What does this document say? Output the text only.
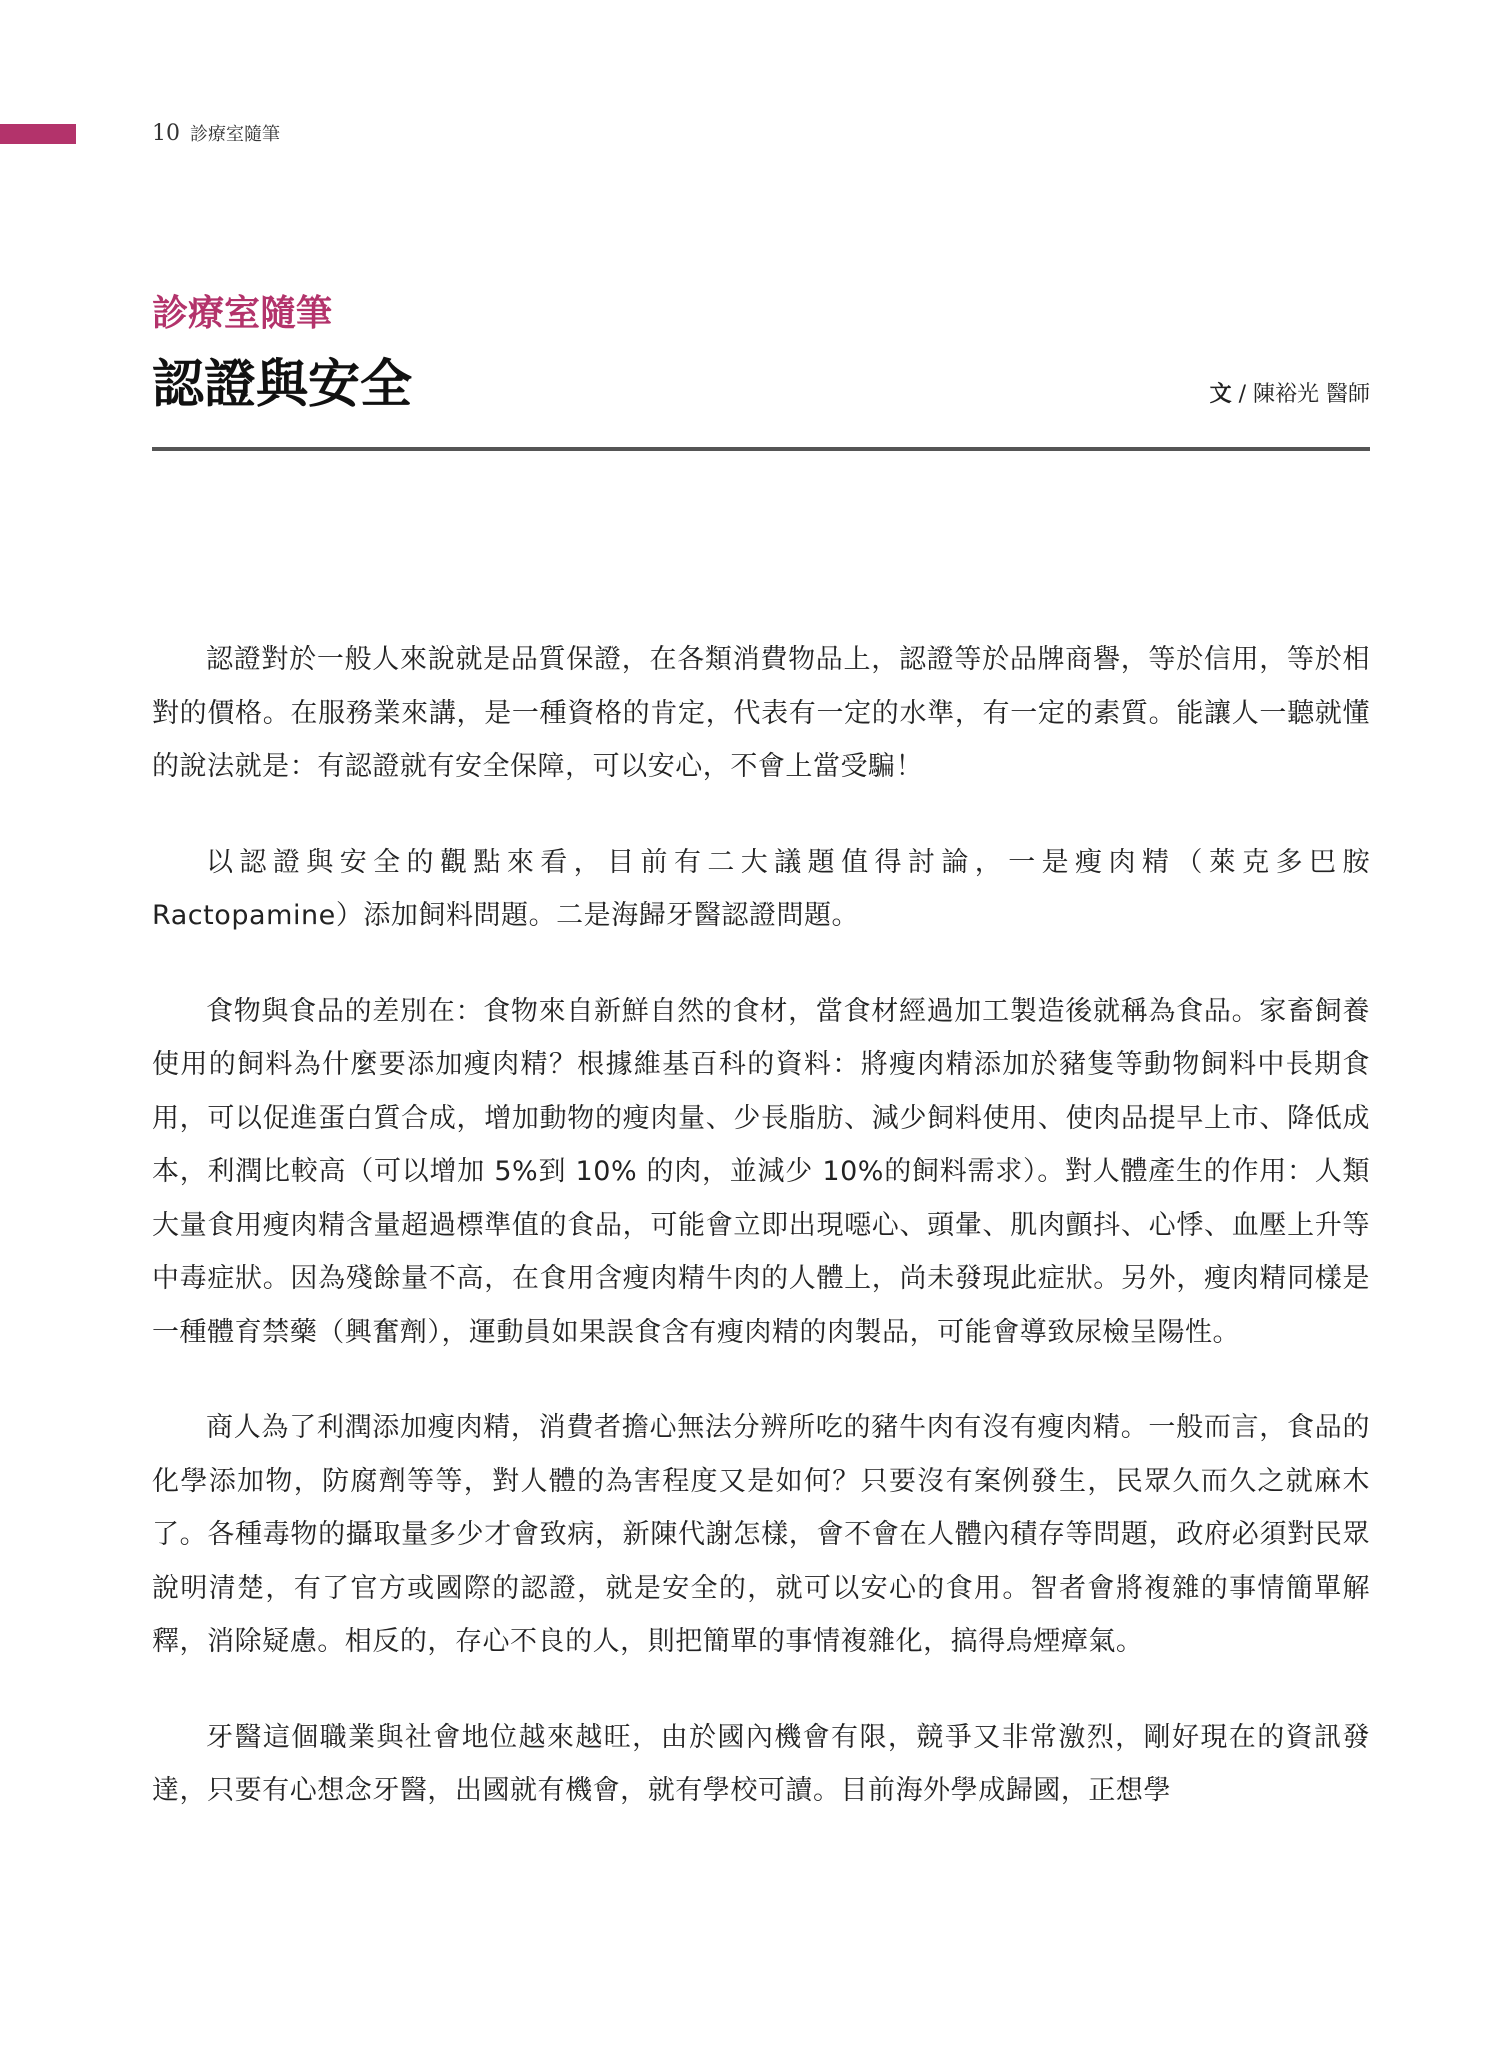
10 診療室隨筆
診療室隨筆
認證與安全	文 / 陳裕光 醫師

認證對於一般人來說就是品質保證，在各類消費物品上，認證等於品牌商譽，等於信用，等於相對的價格。在服務業來講，是一種資格的肯定，代表有一定的水準，有一定的素質。能讓人一聽就懂的說法就是：有認證就有安全保障，可以安心，不會上當受騙！

以認證與安全的觀點來看，目前有二大議題值得討論，一是瘦肉精（萊克多巴胺 Ractopamine）添加飼料問題。二是海歸牙醫認證問題。

食物與食品的差別在：食物來自新鮮自然的食材，當食材經過加工製造後就稱為食品。家畜飼養使用的飼料為什麼要添加瘦肉精？根據維基百科的資料：將瘦肉精添加於豬隻等動物飼料中長期食用，可以促進蛋白質合成，增加動物的瘦肉量、少長脂肪、減少飼料使用、使肉品提早上市、降低成本，利潤比較高（可以增加 5%到 10% 的肉，並減少 10%的飼料需求）。對人體產生的作用：人類大量食用瘦肉精含量超過標準值的食品，可能會立即出現噁心、頭暈、肌肉顫抖、心悸、血壓上升等中毒症狀。因為殘餘量不高，在食用含瘦肉精牛肉的人體上，尚未發現此症狀。另外，瘦肉精同樣是一種體育禁藥（興奮劑），運動員如果誤食含有瘦肉精的肉製品，可能會導致尿檢呈陽性。

商人為了利潤添加瘦肉精，消費者擔心無法分辨所吃的豬牛肉有沒有瘦肉精。一般而言，食品的化學添加物，防腐劑等等，對人體的為害程度又是如何？只要沒有案例發生，民眾久而久之就麻木了。各種毒物的攝取量多少才會致病，新陳代謝怎樣，會不會在人體內積存等問題，政府必須對民眾說明清楚，有了官方或國際的認證，就是安全的，就可以安心的食用。智者會將複雜的事情簡單解釋，消除疑慮。相反的，存心不良的人，則把簡單的事情複雜化，搞得烏煙瘴氣。

牙醫這個職業與社會地位越來越旺，由於國內機會有限，競爭又非常激烈，剛好現在的資訊發達，只要有心想念牙醫，出國就有機會，就有學校可讀。目前海外學成歸國，正想學
